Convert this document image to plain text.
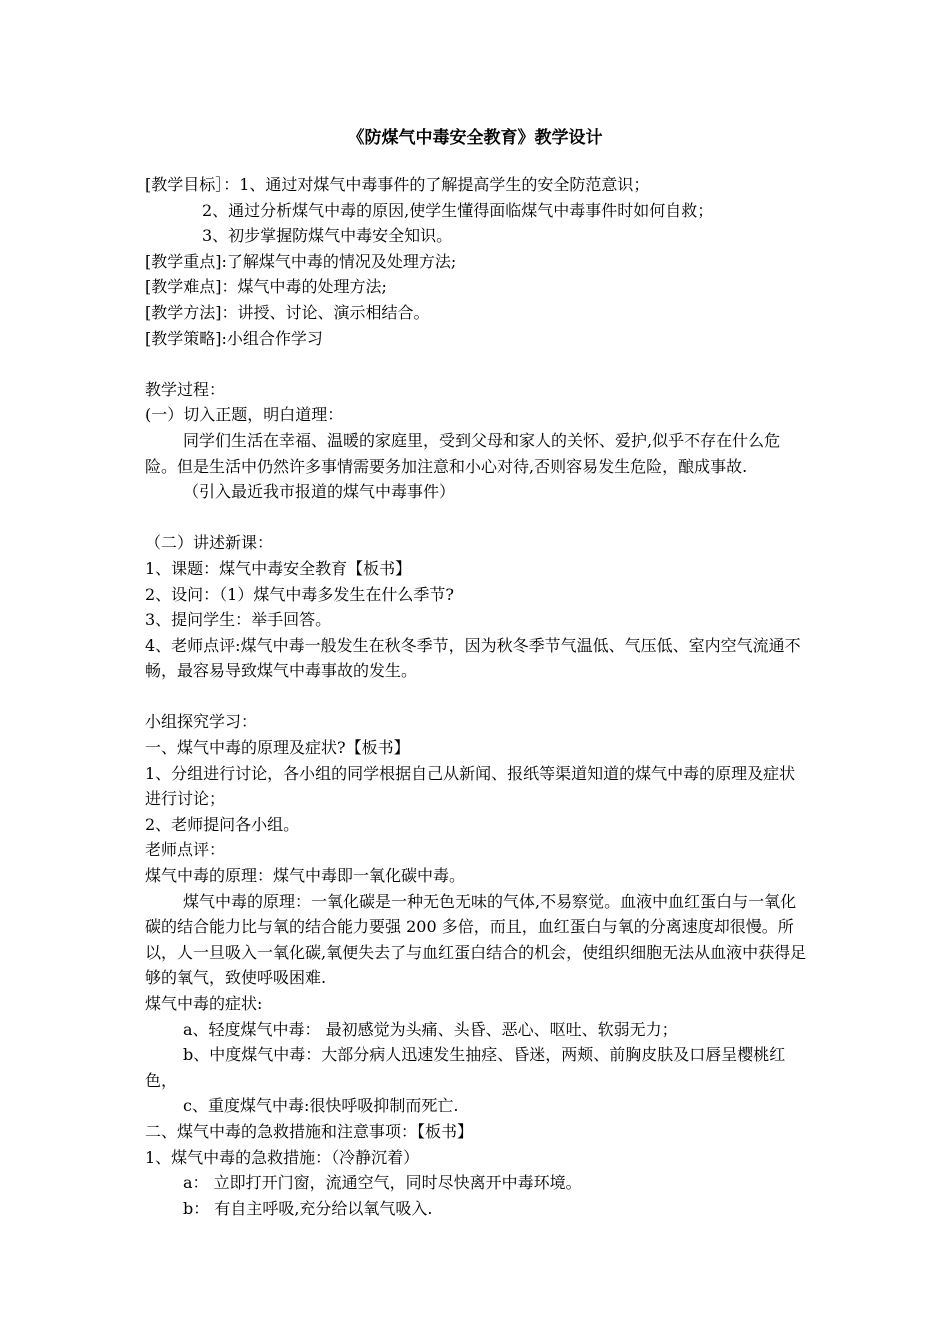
《防煤气中毒安全教育》教学设计

[教学目标］：1、通过对煤气中毒事件的了解提高学生的安全防范意识；

2、通过分析煤气中毒的原因,使学生懂得面临煤气中毒事件时如何自救；

3、初步掌握防煤气中毒安全知识。

[教学重点]:了解煤气中毒的情况及处理方法;

[教学难点]：煤气中毒的处理方法;

[教学方法]：讲授、讨论、演示相结合。

[教学策略]:小组合作学习

教学过程：

(一）切入正题，明白道理：

同学们生活在幸福、温暖的家庭里，受到父母和家人的关怀、爱护,似乎不存在什么危险。但是生活中仍然许多事情需要务加注意和小心对待,否则容易发生危险，酿成事故.

（引入最近我市报道的煤气中毒事件）

（二）讲述新课：

1、课题：煤气中毒安全教育【板书】

2、设问：（1）煤气中毒多发生在什么季节?

3、提问学生：举手回答。

4、老师点评:煤气中毒一般发生在秋冬季节，因为秋冬季节气温低、气压低、室内空气流通不畅，最容易导致煤气中毒事故的发生。

小组探究学习：

一、煤气中毒的原理及症状?【板书】

1、分组进行讨论，各小组的同学根据自己从新闻、报纸等渠道知道的煤气中毒的原理及症状进行讨论；

2、老师提问各小组。

老师点评：

煤气中毒的原理：煤气中毒即一氧化碳中毒。

煤气中毒的原理：一氧化碳是一种无色无味的气体,不易察觉。血液中血红蛋白与一氧化碳的结合能力比与氧的结合能力要强 200 多倍，而且，血红蛋白与氧的分离速度却很慢。所以，人一旦吸入一氧化碳,氧便失去了与血红蛋白结合的机会，使组织细胞无法从血液中获得足够的氧气，致使呼吸困难.

煤气中毒的症状:

a、轻度煤气中毒： 最初感觉为头痛、头昏、恶心、呕吐、软弱无力；

b、中度煤气中毒：大部分病人迅速发生抽痉、昏迷，两颊、前胸皮肤及口唇呈樱桃红色，

c、重度煤气中毒:很快呼吸抑制而死亡.

二、煤气中毒的急救措施和注意事项：【板书】

1、煤气中毒的急救措施：（冷静沉着）

a： 立即打开门窗，流通空气，同时尽快离开中毒环境。

b： 有自主呼吸,充分给以氧气吸入.
